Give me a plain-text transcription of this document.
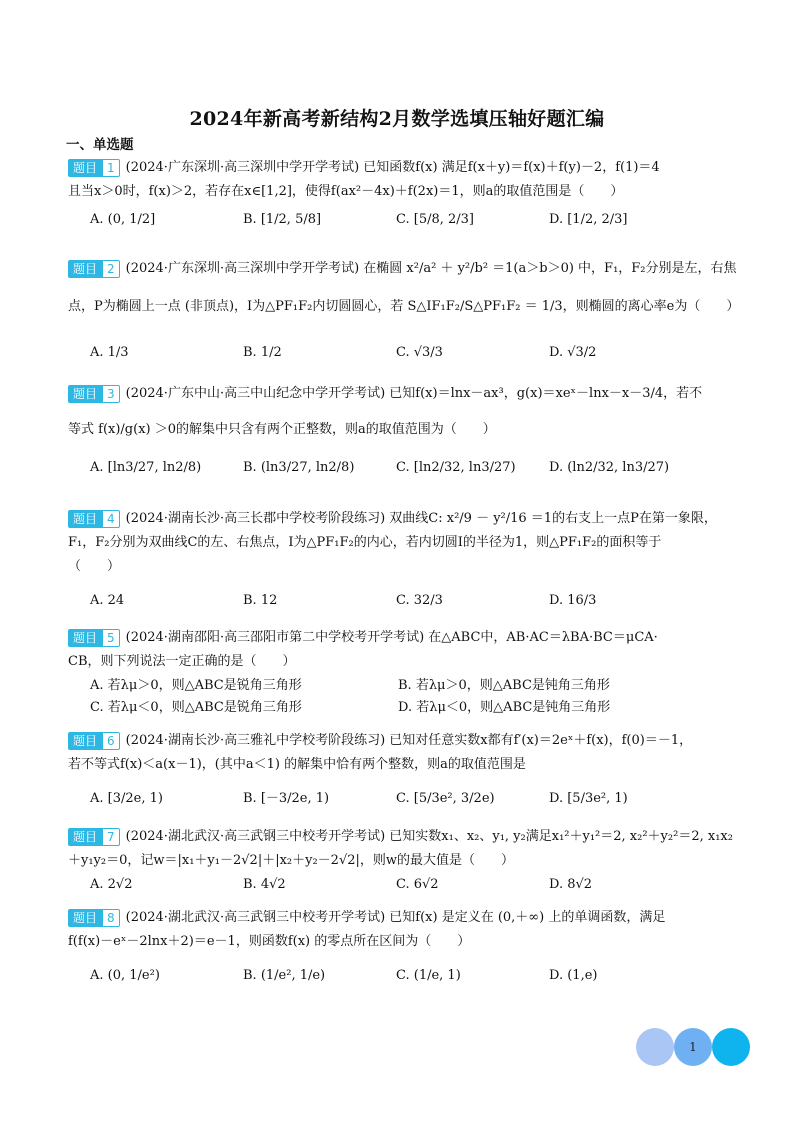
2024年新高考新结构2月数学选填压轴好题汇编
一、单选题
题目 1 (2024·广东深圳·高三深圳中学开学考试) 已知函数f(x) 满足f(x＋y)＝f(x)＋f(y)－2，f(1)＝4
且当x＞0时，f(x)＞2，若存在x∈[1,2]，使得f(ax²－4x)＋f(2x)＝1，则a的取值范围是（　　）
A. (0, 1/2]	B. [1/2, 5/8]	C. [5/8, 2/3]	D. [1/2, 2/3]
题目 2 (2024·广东深圳·高三深圳中学开学考试) 在椭圆 x²/a² ＋ y²/b² ＝1(a＞b＞0) 中，F₁，F₂分别是左，右焦
点，P为椭圆上一点 (非顶点)，I为△PF₁F₂内切圆圆心，若 S△IF₁F₂/S△PF₁F₂ ＝ 1/3，则椭圆的离心率e为（　　）
A. 1/3	B. 1/2	C. √3/3	D. √3/2
题目 3 (2024·广东中山·高三中山纪念中学开学考试) 已知f(x)＝lnx－ax³，g(x)＝xeˣ－lnx－x－3/4，若不
等式 f(x)/g(x) ＞0的解集中只含有两个正整数，则a的取值范围为（　　）
A. [ln3/27, ln2/8)	B. (ln3/27, ln2/8)	C. [ln2/32, ln3/27)	D. (ln2/32, ln3/27)
题目 4 (2024·湖南长沙·高三长郡中学校考阶段练习) 双曲线C: x²/9 － y²/16 ＝1的右支上一点P在第一象限，
F₁，F₂分别为双曲线C的左、右焦点，I为△PF₁F₂的内心，若内切圆I的半径为1，则△PF₁F₂的面积等于
（　　）
A. 24	B. 12	C. 32/3	D. 16/3
题目 5 (2024·湖南邵阳·高三邵阳市第二中学校考开学考试) 在△ABC中，AB·AC＝λBA·BC＝μCA·
CB，则下列说法一定正确的是（　　）
A. 若λμ＞0，则△ABC是锐角三角形	B. 若λμ＞0，则△ABC是钝角三角形
C. 若λμ＜0，则△ABC是锐角三角形	D. 若λμ＜0，则△ABC是钝角三角形
题目 6 (2024·湖南长沙·高三雅礼中学校考阶段练习) 已知对任意实数x都有f′(x)＝2eˣ＋f(x)，f(0)＝－1，
若不等式f(x)＜a(x－1)，(其中a＜1) 的解集中恰有两个整数，则a的取值范围是
A. [3/2e, 1)	B. [－3/2e, 1)	C. [5/3e², 3/2e)	D. [5/3e², 1)
题目 7 (2024·湖北武汉·高三武钢三中校考开学考试) 已知实数x₁、x₂、y₁, y₂满足x₁²＋y₁²＝2, x₂²＋y₂²＝2, x₁x₂
＋y₁y₂＝0，记w＝|x₁＋y₁－2√2|＋|x₂＋y₂－2√2|，则w的最大值是（　　）
A. 2√2	B. 4√2	C. 6√2	D. 8√2
题目 8 (2024·湖北武汉·高三武钢三中校考开学考试) 已知f(x) 是定义在 (0,＋∞) 上的单调函数，满足
f(f(x)－eˣ－2lnx＋2)＝e－1，则函数f(x) 的零点所在区间为（　　）
A. (0, 1/e²)	B. (1/e², 1/e)	C. (1/e, 1)	D. (1,e)
1
